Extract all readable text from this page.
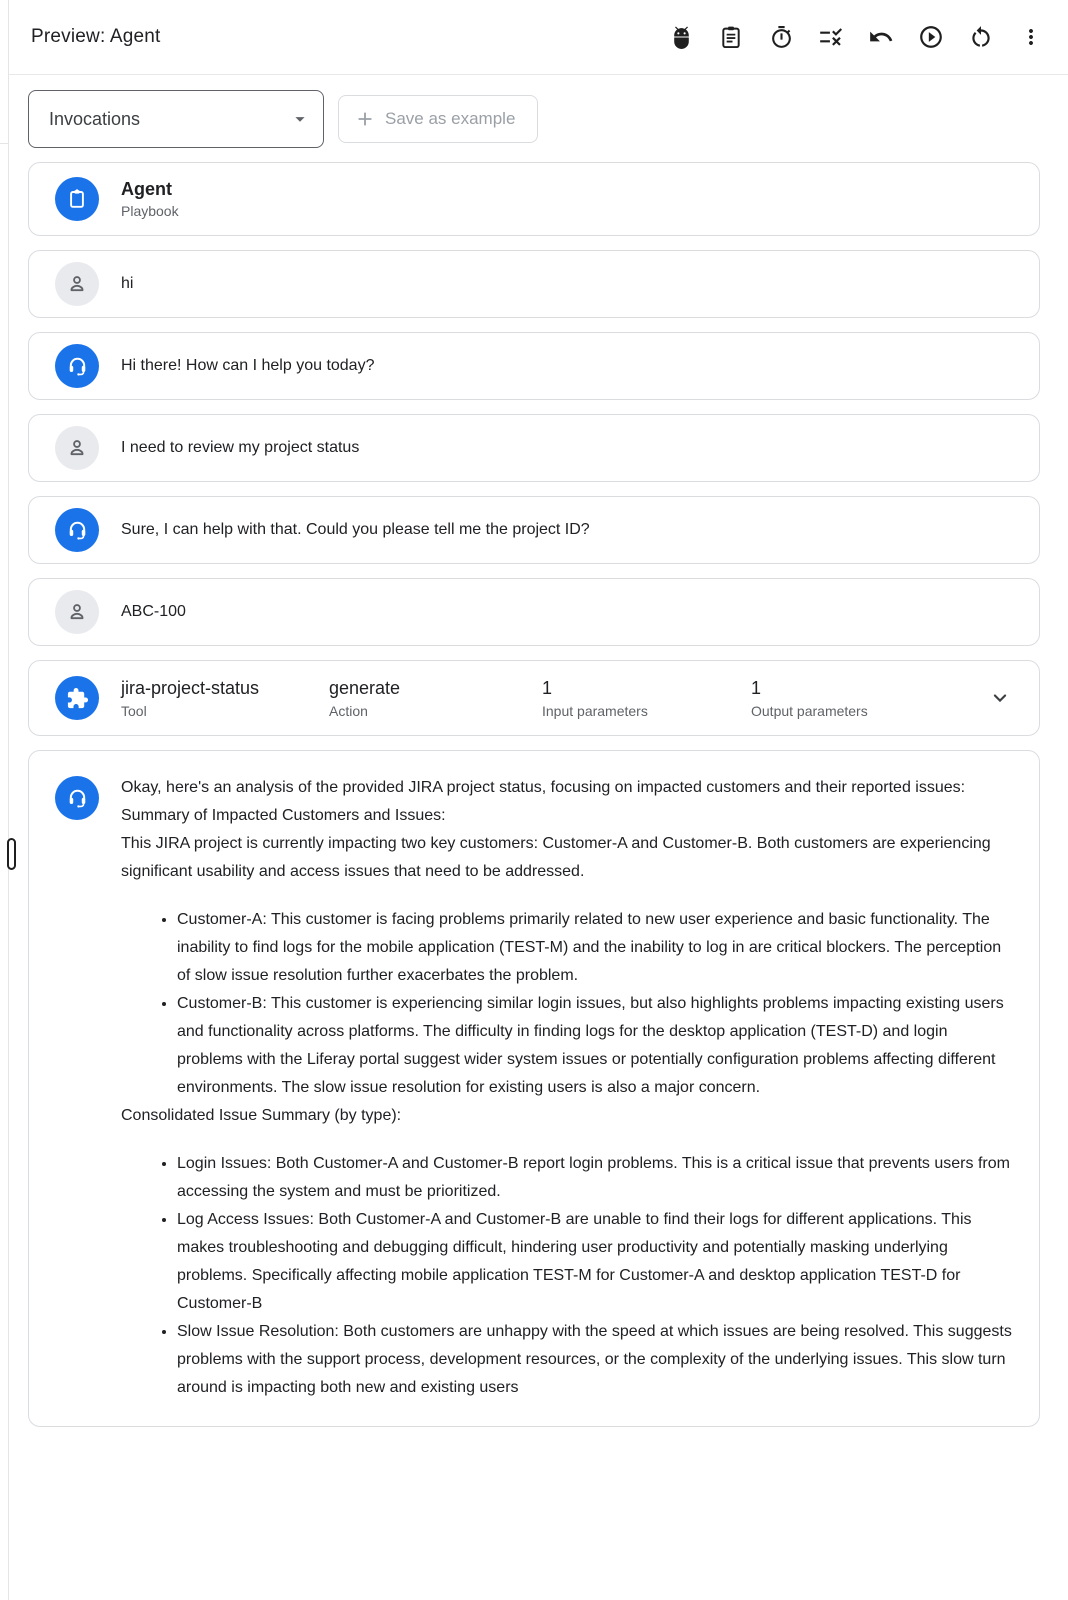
Preview: Agent
Invocations	Save as example
Agent
Playbook
hi
Hi there! How can I help you today?
I need to review my project status
Sure, I can help with that. Could you please tell me the project ID?
ABC-100
jira-project-status
Tool
generate
Action
1
Input parameters
1
Output parameters

Okay, here's an analysis of the provided JIRA project status, focusing on impacted customers and their reported issues:

Summary of Impacted Customers and Issues:

This JIRA project is currently impacting two key customers: Customer-A and Customer-B. Both customers are experiencing significant usability and access issues that need to be addressed.

• Customer-A: This customer is facing problems primarily related to new user experience and basic functionality. The inability to find logs for the mobile application (TEST-M) and the inability to log in are critical blockers. The perception of slow issue resolution further exacerbates the problem.
• Customer-B: This customer is experiencing similar login issues, but also highlights problems impacting existing users and functionality across platforms. The difficulty in finding logs for the desktop application (TEST-D) and login problems with the Liferay portal suggest wider system issues or potentially configuration problems affecting different environments. The slow issue resolution for existing users is also a major concern.

Consolidated Issue Summary (by type):

• Login Issues: Both Customer-A and Customer-B report login problems. This is a critical issue that prevents users from accessing the system and must be prioritized.
• Log Access Issues: Both Customer-A and Customer-B are unable to find their logs for different applications. This makes troubleshooting and debugging difficult, hindering user productivity and potentially masking underlying problems. Specifically affecting mobile application TEST-M for Customer-A and desktop application TEST-D for Customer-B
• Slow Issue Resolution: Both customers are unhappy with the speed at which issues are being resolved. This suggests problems with the support process, development resources, or the complexity of the underlying issues. This slow turn around is impacting both new and existing users
